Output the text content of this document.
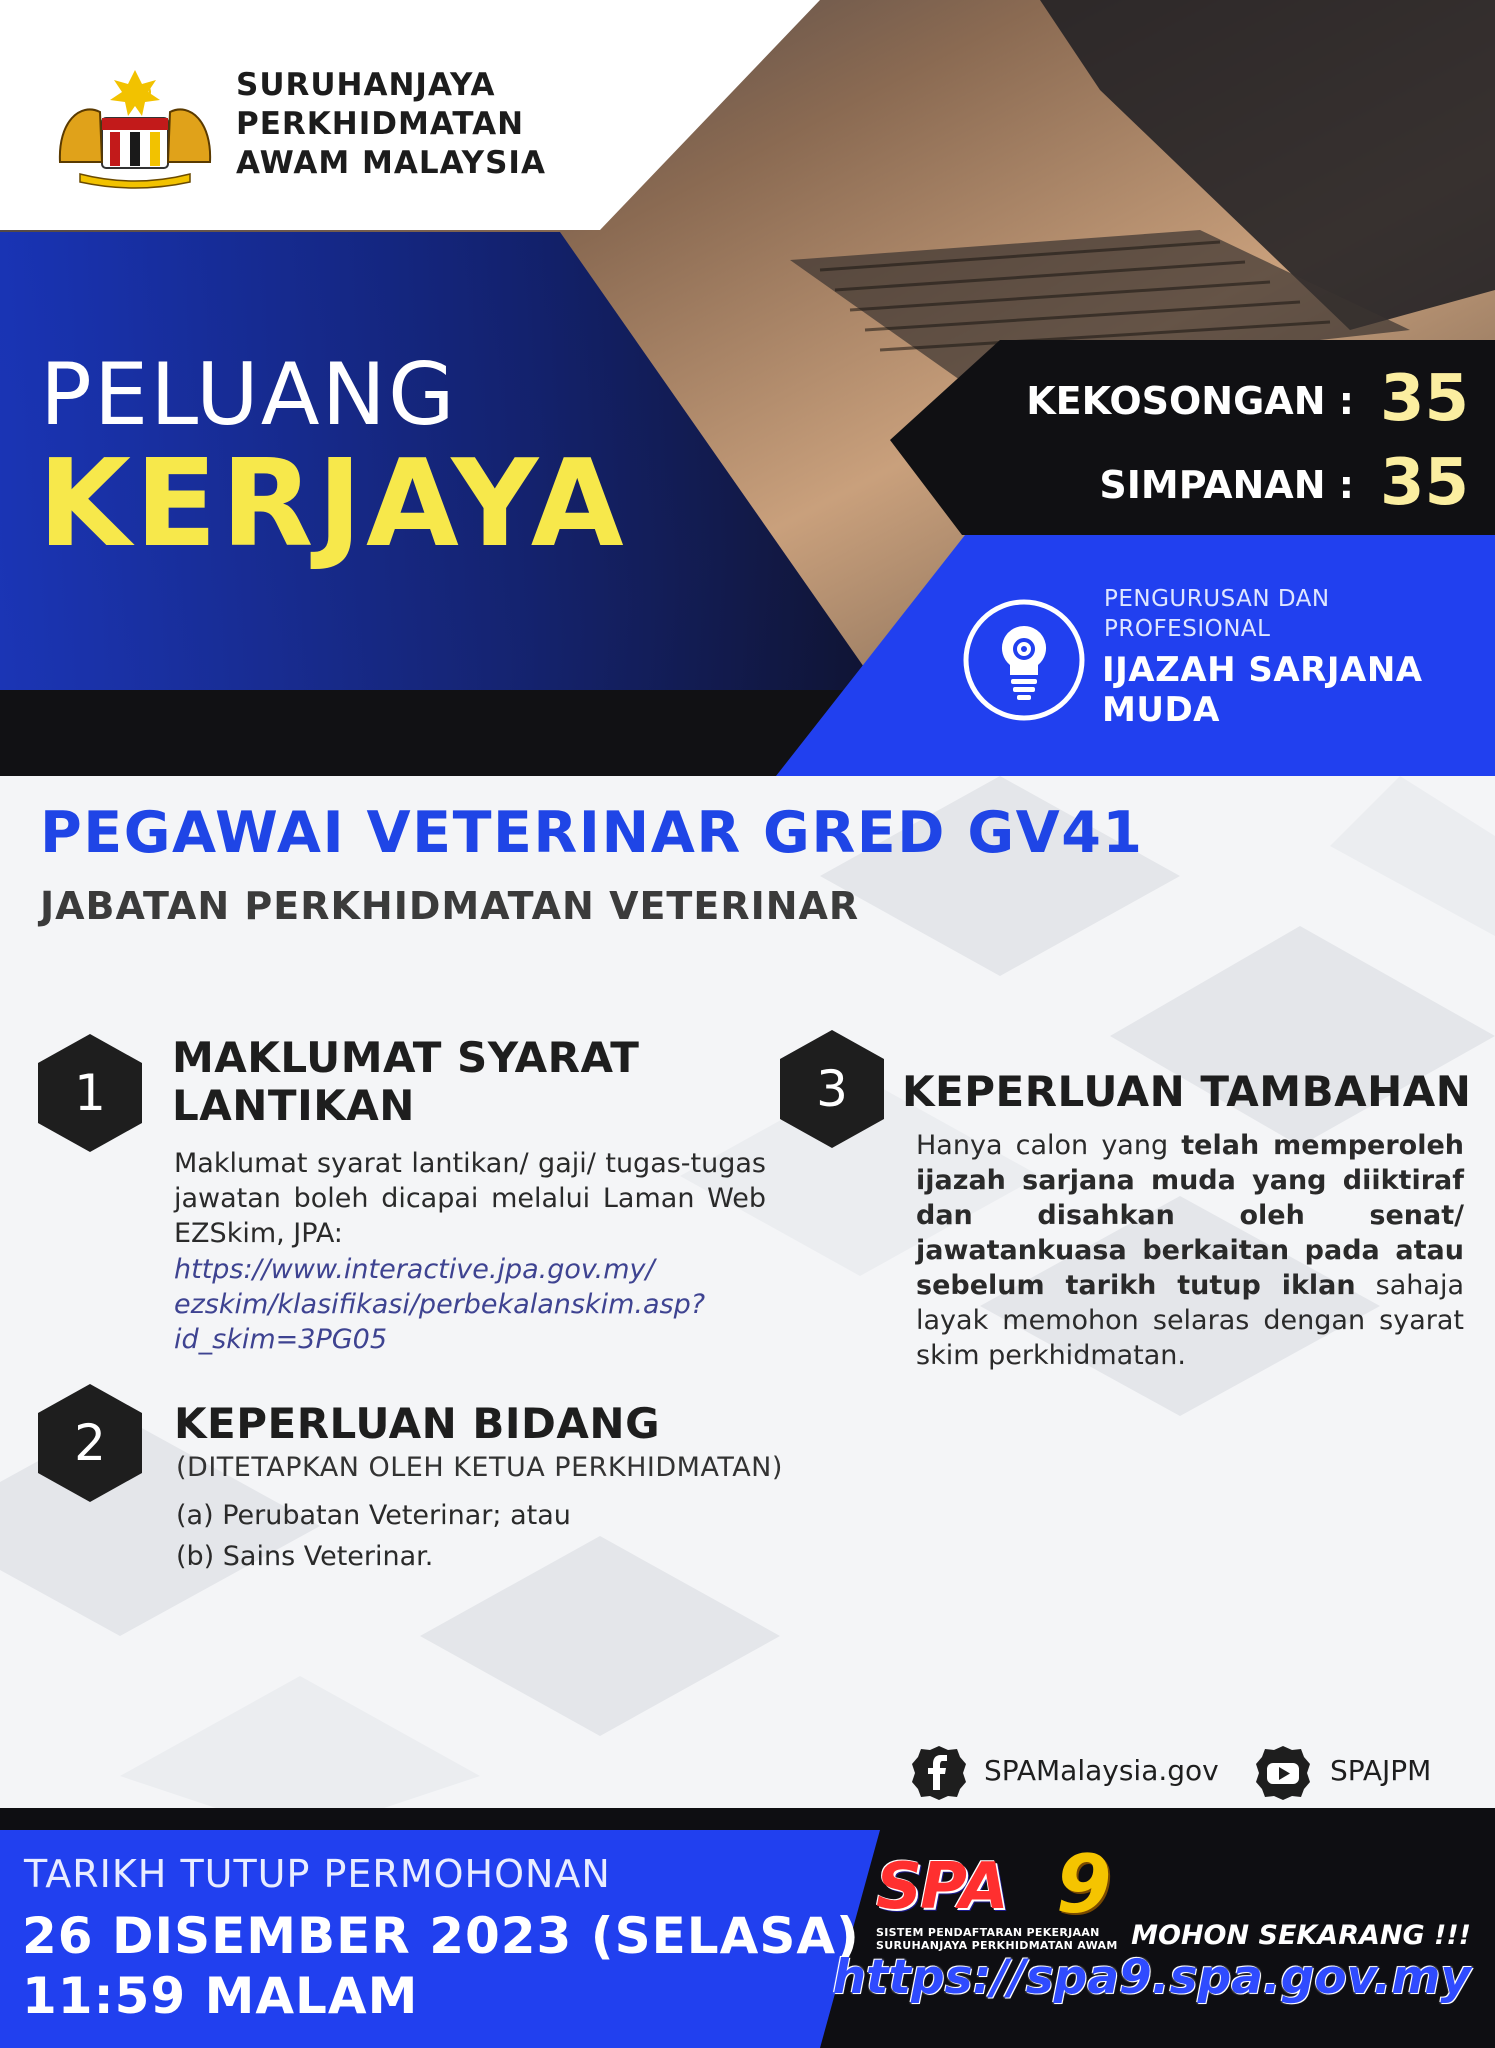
SURUHANJAYA
PERKHIDMATAN
AWAM MALAYSIA
PELUANG
KERJAYA
KEKOSONGAN : 35
SIMPANAN : 35
PENGURUSAN DAN
PROFESIONAL
IJAZAH SARJANA
MUDA
PEGAWAI VETERINAR GRED GV41
JABATAN PERKHIDMATAN VETERINAR
1
MAKLUMAT SYARAT
LANTIKAN
Maklumat syarat lantikan/ gaji/ tugas-tugas jawatan boleh dicapai melalui Laman Web EZSkim, JPA:
https://www.interactive.jpa.gov.my/
ezskim/klasifikasi/perbekalanskim.asp?
id_skim=3PG05
2	KEPERLUAN BIDANG
(DITETAPKAN OLEH KETUA PERKHIDMATAN)
(a) Perubatan Veterinar; atau
(b) Sains Veterinar.
3	KEPERLUAN TAMBAHAN
Hanya calon yang telah memperoleh ijazah sarjana muda yang diiktiraf dan disahkan oleh senat/ jawatankuasa berkaitan pada atau sebelum tarikh tutup iklan sahaja layak memohon selaras dengan syarat skim perkhidmatan.
SPAMalaysia.gov	SPAJPM
TARIKH TUTUP PERMOHONAN
26 DISEMBER 2023 (SELASA)
11:59 MALAM
SPA 9
SISTEM PENDAFTARAN PEKERJAAN
SURUHANJAYA PERKHIDMATAN AWAM MOHON SEKARANG !!!
https://spa9.spa.gov.my
